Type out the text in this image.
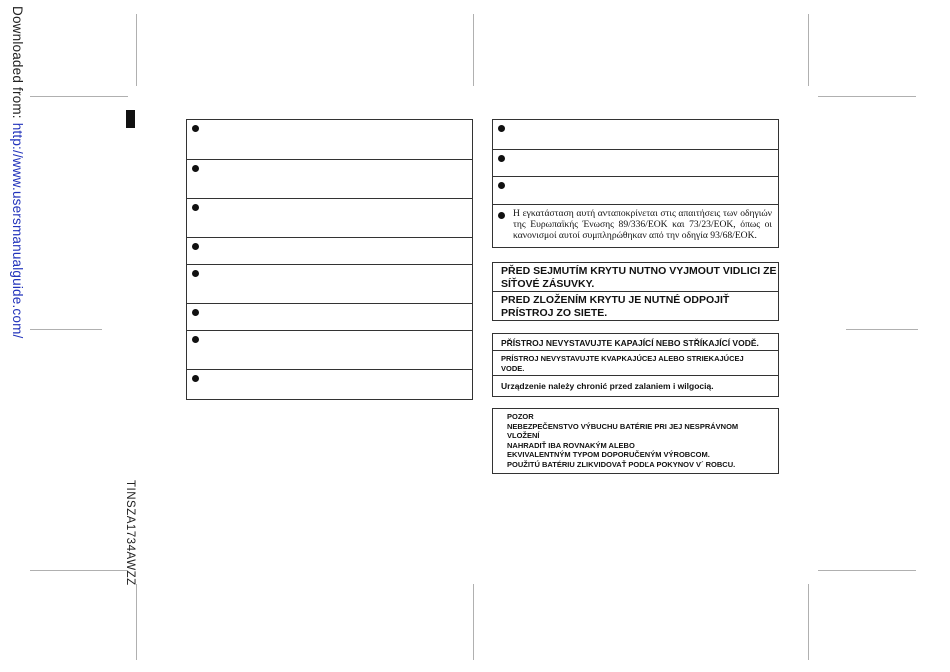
Downloaded from: http://www.usersmanualguide.com/
TINSZA1734AWZZ
Η εγκατάσταση αυτή ανταποκρίνεται στις απαιτήσεις των οδηγιών της Ευρωπαϊκής Ένωσης 89/336/ΕΟΚ και 73/23/ΕΟΚ, όπως οι κανονισμοί αυτοί συμπληρώθηκαν από την οδηγία 93/68/ΕΟΚ.
PŘED SEJMUTÍM KRYTU NUTNO VYJMOUT VIDLICI ZE
SÍŤOVÉ ZÁSUVKY.
PRED ZLOŽENÍM KRYTU JE NUTNÉ ODPOJIŤ
PRÍSTROJ ZO SIETE.
PŘÍSTROJ NEVYSTAVUJTE KAPAJÍCÍ NEBO STŘÍKAJÍCÍ VODĚ.
PRÍSTROJ NEVYSTAVUJTE KVAPKAJÚCEJ ALEBO STRIEKAJÚCEJ
VODE.
Urządzenie należy chronić przed zalaniem i wilgocią.
POZOR
NEBEZPEČENSTVO VÝBUCHU BATÉRIE PRI JEJ NESPRÁVNOM
VLOŽENÍ
NAHRADIŤ IBA ROVNAKÝM ALEBO
EKVIVALENTNÝM TYPOM DOPORUČENÝM VÝROBCOM.
POUŽITÚ BATÉRIU ZLIKVIDOVAŤ PODĽA POKYNOV V´ ROBCU.
